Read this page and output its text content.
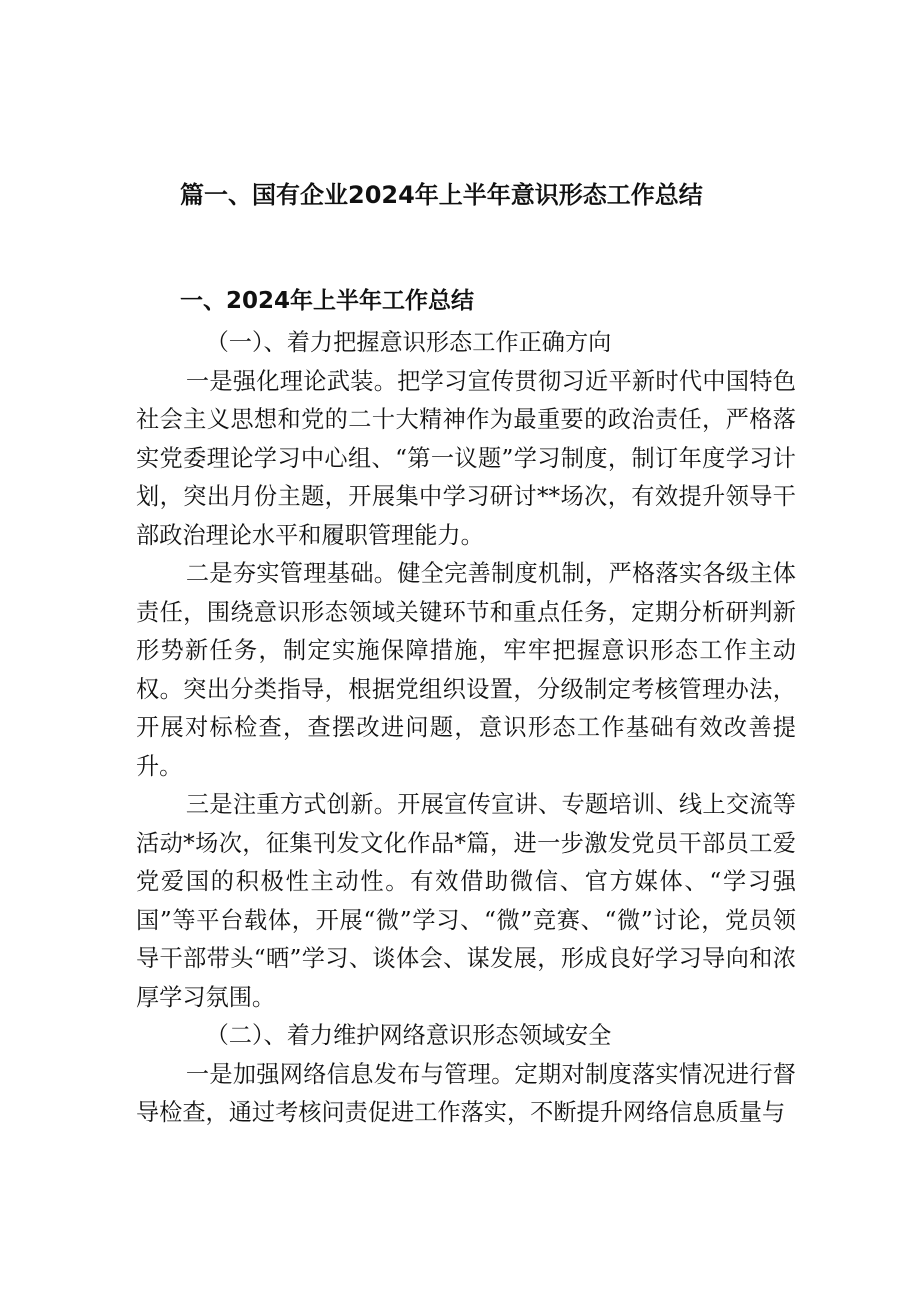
篇一、国有企业2024年上半年意识形态工作总结
一、2024年上半年工作总结

（一）、着力把握意识形态工作正确方向

一是强化理论武装。把学习宣传贯彻习近平新时代中国特色社会主义思想和党的二十大精神作为最重要的政治责任，严格落实党委理论学习中心组、“第一议题”学习制度，制订年度学习计划，突出月份主题，开展集中学习研讨**场次，有效提升领导干部政治理论水平和履职管理能力。

二是夯实管理基础。健全完善制度机制，严格落实各级主体责任，围绕意识形态领域关键环节和重点任务，定期分析研判新形势新任务，制定实施保障措施，牢牢把握意识形态工作主动权。突出分类指导，根据党组织设置，分级制定考核管理办法，开展对标检查，查摆改进问题，意识形态工作基础有效改善提升。

三是注重方式创新。开展宣传宣讲、专题培训、线上交流等活动*场次，征集刊发文化作品*篇，进一步激发党员干部员工爱党爱国的积极性主动性。有效借助微信、官方媒体、“学习强国”等平台载体，开展“微”学习、“微”竞赛、“微”讨论，党员领导干部带头“晒”学习、谈体会、谋发展，形成良好学习导向和浓厚学习氛围。

（二）、着力维护网络意识形态领域安全

一是加强网络信息发布与管理。定期对制度落实情况进行督导检查，通过考核问责促进工作落实，不断提升网络信息质量与
